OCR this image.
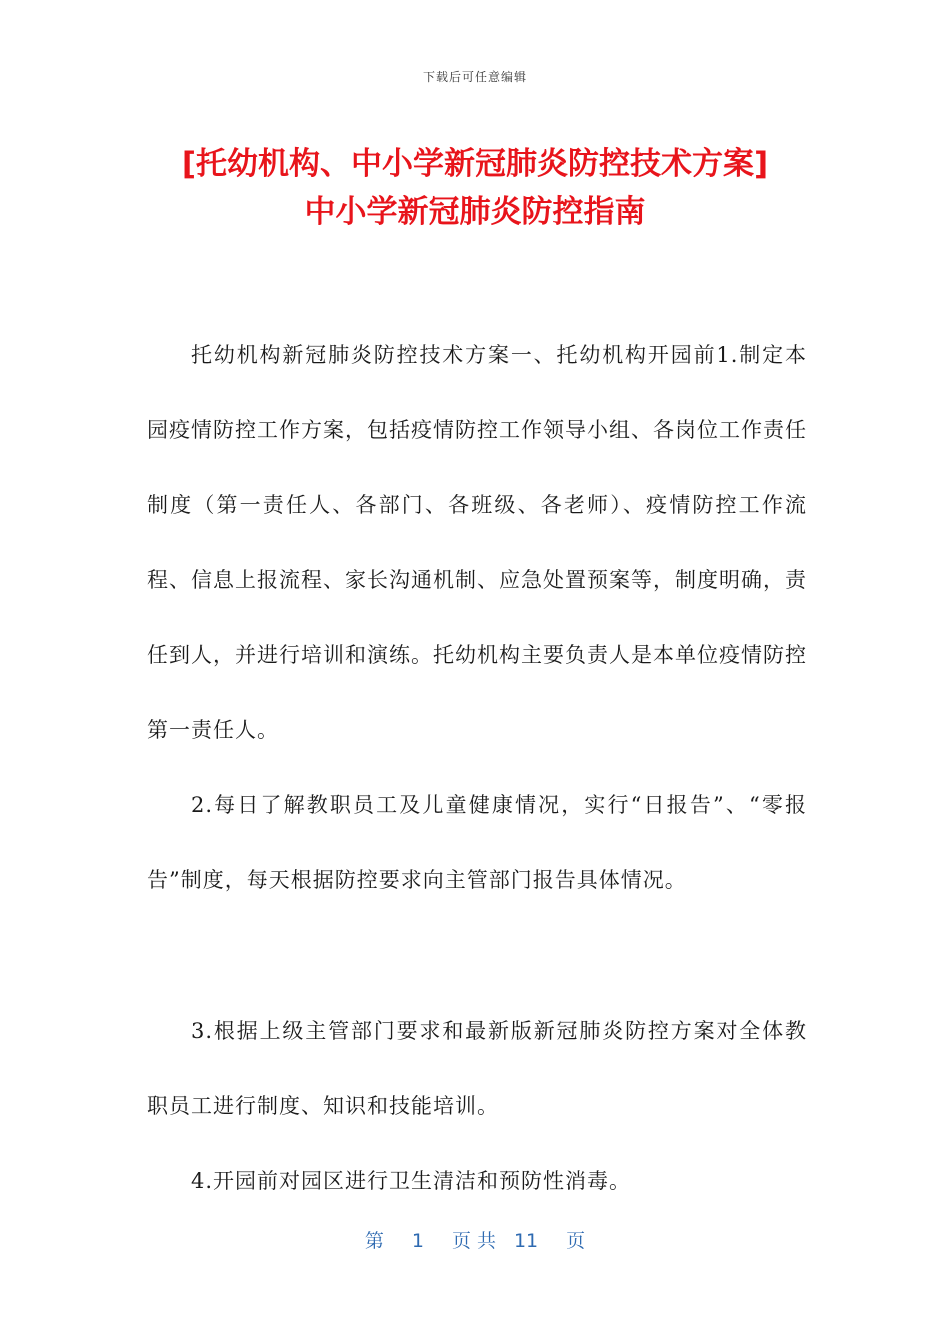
下载后可任意编辑
[托幼机构、中小学新冠肺炎防控技术方案]
中小学新冠肺炎防控指南

托幼机构新冠肺炎防控技术方案一、托幼机构开园前1.制定本园疫情防控工作方案，包括疫情防控工作领导小组、各岗位工作责任制度（第一责任人、各部门、各班级、各老师）、疫情防控工作流程、信息上报流程、家长沟通机制、应急处置预案等，制度明确，责任到人，并进行培训和演练。托幼机构主要负责人是本单位疫情防控第一责任人。

2.每日了解教职员工及儿童健康情况，实行“日报告”、“零报告”制度，每天根据防控要求向主管部门报告具体情况。

3.根据上级主管部门要求和最新版新冠肺炎防控方案对全体教职员工进行制度、知识和技能培训。

4.开园前对园区进行卫生清洁和预防性消毒。

第 1 页 共 11 页
